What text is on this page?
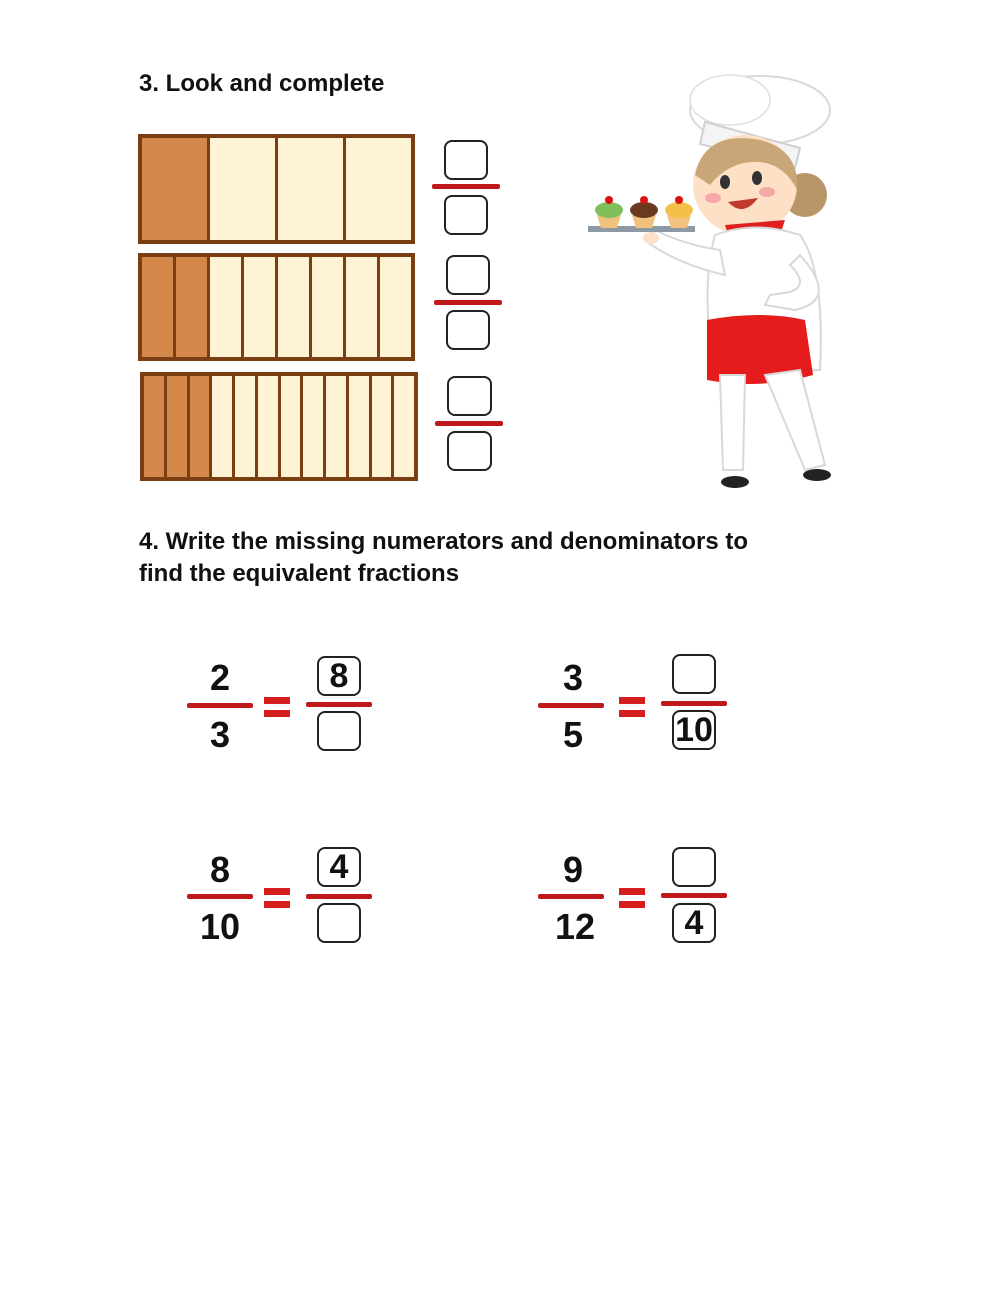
3. Look and complete
4. Write the missing numerators and denominators to
find the equivalent fractions
2
3
8	3
5	10
8
10
4	9
12	4
